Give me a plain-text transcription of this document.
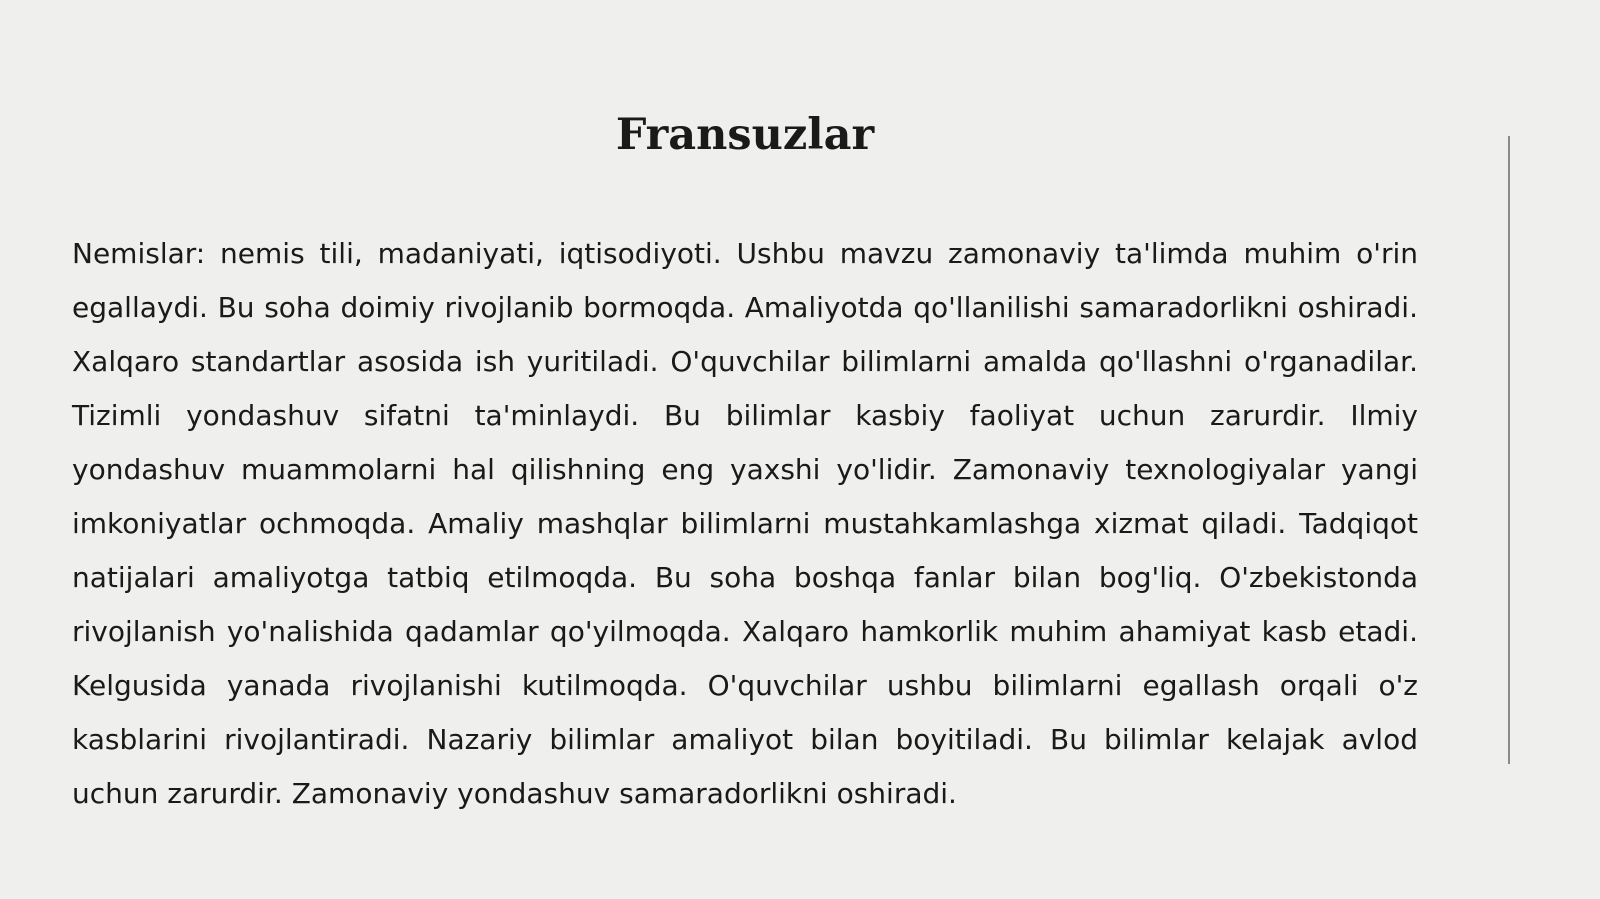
Fransuzlar

Nemislar: nemis tili, madaniyati, iqtisodiyoti. Ushbu mavzu zamonaviy ta'limda muhim o'rin egallaydi. Bu soha doimiy rivojlanib bormoqda. Amaliyotda qo'llanilishi samaradorlikni oshiradi. Xalqaro standartlar asosida ish yuritiladi. O'quvchilar bilimlarni amalda qo'llashni o'rganadilar. Tizimli yondashuv sifatni ta'minlaydi. Bu bilimlar kasbiy faoliyat uchun zarurdir. Ilmiy yondashuv muammolarni hal qilishning eng yaxshi yo'lidir. Zamonaviy texnologiyalar yangi imkoniyatlar ochmoqda. Amaliy mashqlar bilimlarni mustahkamlashga xizmat qiladi. Tadqiqot natijalari amaliyotga tatbiq etilmoqda. Bu soha boshqa fanlar bilan bog'liq. O'zbekistonda rivojlanish yo'nalishida qadamlar qo'yilmoqda. Xalqaro hamkorlik muhim ahamiyat kasb etadi. Kelgusida yanada rivojlanishi kutilmoqda. O'quvchilar ushbu bilimlarni egallash orqali o'z kasblarini rivojlantiradi. Nazariy bilimlar amaliyot bilan boyitiladi. Bu bilimlar kelajak avlod uchun zarurdir. Zamonaviy yondashuv samaradorlikni oshiradi.
